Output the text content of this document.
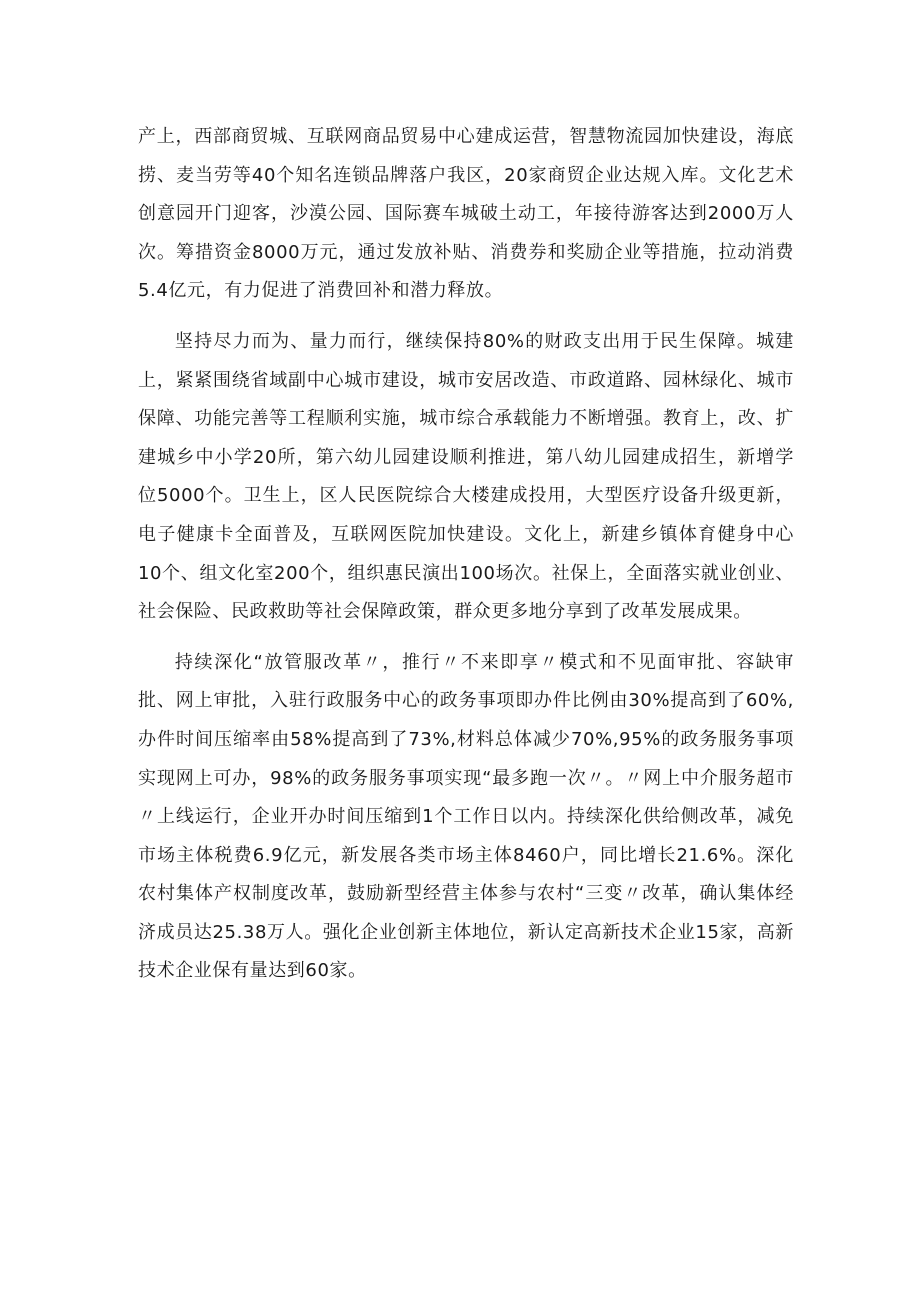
产上，西部商贸城、互联网商品贸易中心建成运营，智慧物流园加快建设，海底捞、麦当劳等40个知名连锁品牌落户我区，20家商贸企业达规入库。文化艺术创意园开门迎客，沙漠公园、国际赛车城破土动工，年接待游客达到2000万人次。筹措资金8000万元，通过发放补贴、消费券和奖励企业等措施，拉动消费5.4亿元，有力促进了消费回补和潜力释放。

坚持尽力而为、量力而行，继续保持80%的财政支出用于民生保障。城建上，紧紧围绕省域副中心城市建设，城市安居改造、市政道路、园林绿化、城市保障、功能完善等工程顺利实施，城市综合承载能力不断增强。教育上，改、扩建城乡中小学20所，第六幼儿园建设顺利推进，第八幼儿园建成招生，新增学位5000个。卫生上，区人民医院综合大楼建成投用，大型医疗设备升级更新，电子健康卡全面普及，互联网医院加快建设。文化上，新建乡镇体育健身中心10个、组文化室200个，组织惠民演出100场次。社保上，全面落实就业创业、社会保险、民政救助等社会保障政策，群众更多地分享到了改革发展成果。

持续深化“放管服改革〃，推行〃不来即享〃模式和不见面审批、容缺审批、网上审批，入驻行政服务中心的政务事项即办件比例由30%提高到了60%,办件时间压缩率由58%提高到了73%,材料总体减少70%,95%的政务服务事项实现网上可办，98%的政务服务事项实现“最多跑一次〃。〃网上中介服务超市〃上线运行，企业开办时间压缩到1个工作日以内。持续深化供给侧改革，减免市场主体税费6.9亿元，新发展各类市场主体8460户，同比增长21.6%。深化农村集体产权制度改革，鼓励新型经营主体参与农村“三变〃改革，确认集体经济成员达25.38万人。强化企业创新主体地位，新认定高新技术企业15家，高新技术企业保有量达到60家。
